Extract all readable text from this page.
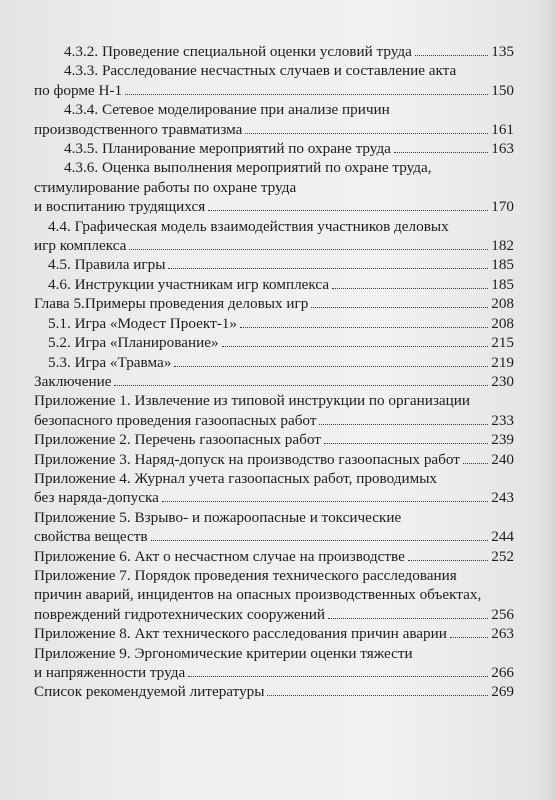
4.3.2. Проведение специальной оценки условий труда	135
4.3.3. Расследование несчастных случаев и составление акта
по форме Н-1	150
4.3.4. Сетевое моделирование при анализе причин
производственного травматизма	161
4.3.5. Планирование мероприятий по охране труда	163
4.3.6. Оценка выполнения мероприятий по охране труда,
стимулирование работы по охране труда
и воспитанию трудящихся	170
4.4. Графическая модель взаимодействия участников деловых
игр комплекса	182
4.5. Правила игры	185
4.6. Инструкции участникам игр комплекса	185
Глава 5.Примеры проведения деловых игр	208
5.1. Игра «Модест Проект-1»	208
5.2. Игра «Планирование»	215
5.3. Игра «Травма»	219
Заключение	230
Приложение 1. Извлечение из типовой инструкции по организации
безопасного проведения газоопасных работ	233
Приложение 2. Перечень газоопасных работ	239
Приложение 3. Наряд-допуск на производство газоопасных работ 240
Приложение 4. Журнал учета газоопасных работ, проводимых
без наряда-допуска	243
Приложение 5. Взрыво- и пожароопасные и токсические
свойства веществ	244
Приложение 6. Акт о несчастном случае на производстве	252
Приложение 7. Порядок проведения технического расследования
причин аварий, инцидентов на опасных производственных объектах,
повреждений гидротехнических сооружений	256
Приложение 8. Акт технического расследования причин аварии	263
Приложение 9. Эргономические критерии оценки тяжести
и напряженности труда	266
Список рекомендуемой литературы	269
